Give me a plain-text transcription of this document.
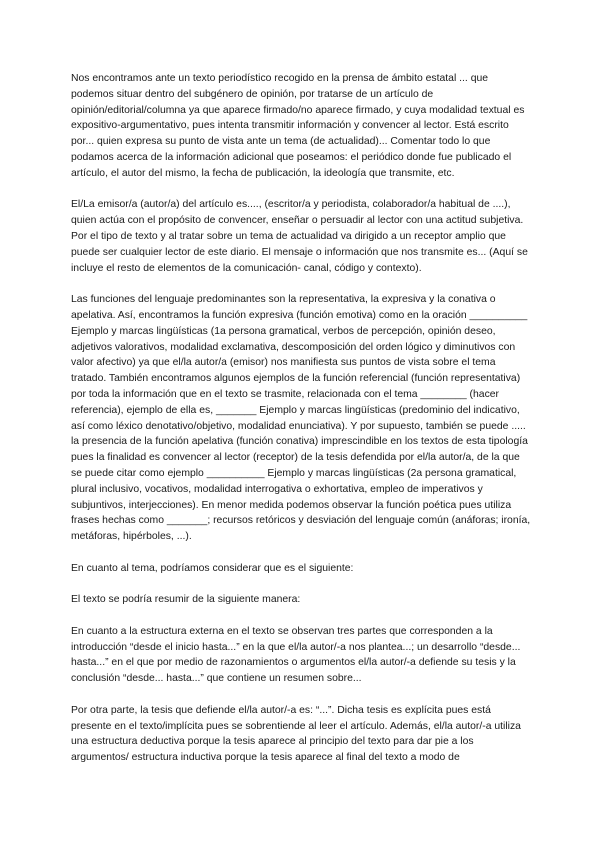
Nos encontramos ante un texto periodístico recogido en la prensa de ámbito estatal ... que podemos situar dentro del subgénero de opinión, por tratarse de un artículo de opinión/editorial/columna ya que aparece firmado/no aparece firmado, y cuya modalidad textual es expositivo-argumentativo, pues intenta transmitir información y convencer al lector. Está escrito por... quien expresa su punto de vista ante un tema (de actualidad)... Comentar todo lo que podamos acerca de la información adicional que poseamos: el periódico donde fue publicado el artículo, el autor del mismo, la fecha de publicación, la ideología que transmite, etc.

El/La emisor/a (autor/a) del artículo es...., (escritor/a y periodista, colaborador/a habitual de ....), quien actúa con el propósito de convencer, enseñar o persuadir al lector con una actitud subjetiva. Por el tipo de texto y al tratar sobre un tema de actualidad va dirigido a un receptor amplio que puede ser cualquier lector de este diario. El mensaje o información que nos transmite es... (Aquí se incluye el resto de elementos de la comunicación- canal, código y contexto).

Las funciones del lenguaje predominantes son la representativa, la expresiva y la conativa o apelativa. Así, encontramos la función expresiva (función emotiva) como en la oración __________ Ejemplo y marcas lingüísticas (1a persona gramatical, verbos de percepción, opinión deseo, adjetivos valorativos, modalidad exclamativa, descomposición del orden lógico y diminutivos con valor afectivo) ya que el/la autor/a (emisor) nos manifiesta sus puntos de vista sobre el tema tratado. También encontramos algunos ejemplos de la función referencial (función representativa) por toda la información que en el texto se trasmite, relacionada con el tema ________ (hacer referencia), ejemplo de ella es, _______ Ejemplo y marcas lingüísticas (predominio del indicativo, así como léxico denotativo/objetivo, modalidad enunciativa). Y por supuesto, también se puede ..... la presencia de la función apelativa (función conativa) imprescindible en los textos de esta tipología pues la finalidad es convencer al lector (receptor) de la tesis defendida por el/la autor/a, de la que se puede citar como ejemplo __________ Ejemplo y marcas lingüísticas (2a persona gramatical, plural inclusivo, vocativos, modalidad interrogativa o exhortativa, empleo de imperativos y subjuntivos, interjecciones). En menor medida podemos observar la función poética pues utiliza frases hechas como _______; recursos retóricos y desviación del lenguaje común (anáforas; ironía, metáforas, hipérboles, ...).

En cuanto al tema, podríamos considerar que es el siguiente:

El texto se podría resumir de la siguiente manera:

En cuanto a la estructura externa en el texto se observan tres partes que corresponden a la introducción “desde el inicio hasta...” en la que el/la autor/-a nos plantea...; un desarrollo “desde... hasta...” en el que por medio de razonamientos o argumentos el/la autor/-a defiende su tesis y la conclusión “desde... hasta...” que contiene un resumen sobre...

Por otra parte, la tesis que defiende el/la autor/-a es: “...”. Dicha tesis es explícita pues está presente en el texto/implícita pues se sobrentiende al leer el artículo. Además, el/la autor/-a utiliza una estructura deductiva porque la tesis aparece al principio del texto para dar pie a los argumentos/ estructura inductiva porque la tesis aparece al final del texto a modo de
